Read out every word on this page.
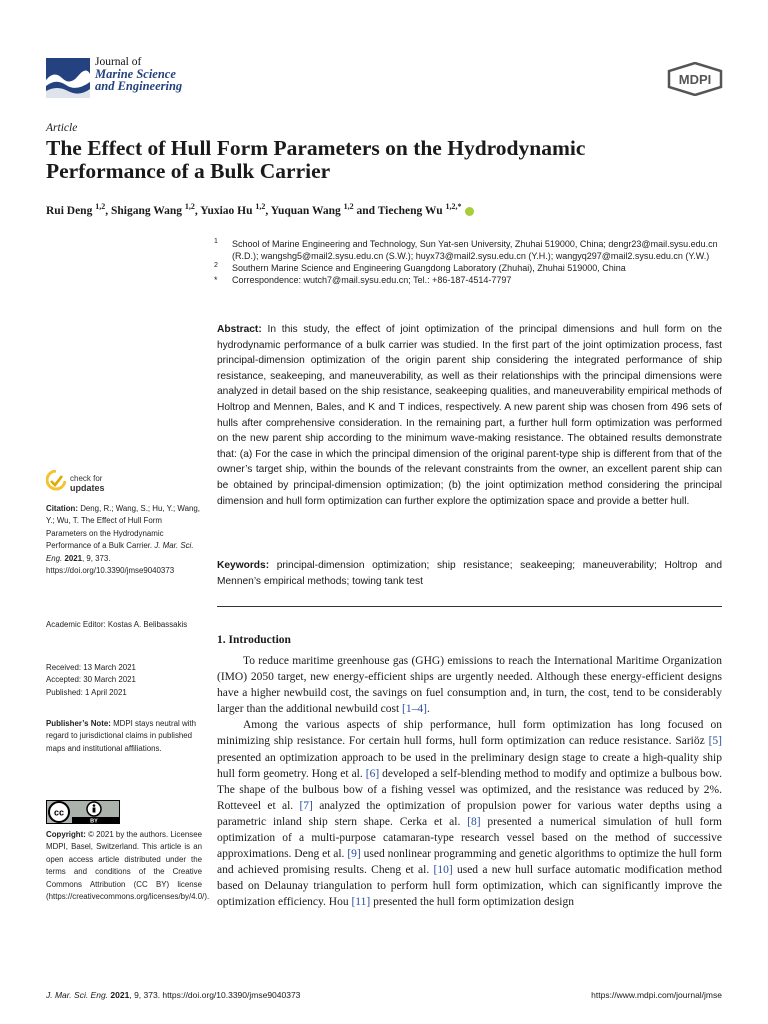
Journal of
Marine Science
and Engineering	MDPI
Article
The Effect of Hull Form Parameters on the Hydrodynamic
Performance of a Bulk Carrier
Rui Deng $^{1,2}$, Shigang Wang $^{1,2}$, Yuxiao Hu $^{1,2}$, Yuquan Wang $^{1,2}$ and Tiecheng Wu $^{1,2,*}$
1 School of Marine Engineering and Technology, Sun Yat-sen University, Zhuhai 519000, China; dengr23@mail.sysu.edu.cn (R.D.); wangshg5@mail2.sysu.edu.cn (S.W.); huyx73@mail2.sysu.edu.cn (Y.H.); wangyq297@mail2.sysu.edu.cn (Y.W.)
2 Southern Marine Science and Engineering Guangdong Laboratory (Zhuhai), Zhuhai 519000, China
* Correspondence: wutch7@mail.sysu.edu.cn; Tel.: +86-187-4514-7797
Abstract: In this study, the effect of joint optimization of the principal dimensions and hull form on the hydrodynamic performance of a bulk carrier was studied. In the first part of the joint optimization process, fast principal-dimension optimization of the origin parent ship considering the integrated performance of ship resistance, seakeeping, and maneuverability, as well as their relationships with the principal dimensions were analyzed in detail based on the ship resistance, seakeeping qualities, and maneuverability empirical methods of Holtrop and Mennen, Bales, and K and T indices, respectively. A new parent ship was chosen from 496 sets of hulls after comprehensive consideration. In the remaining part, a further hull form optimization was performed on the new parent ship according to the minimum wave-making resistance. The obtained results demonstrate that: (a) For the case in which the principal dimension of the original parent-type ship is different from that of the owner’s target ship, within the bounds of the relevant constraints from the owner, an excellent parent ship can be obtained by principal-dimension optimization; (b) the joint optimization method considering the principal dimension and hull form optimization can further explore the optimization space and provide a better hull.
Keywords: principal-dimension optimization; ship resistance; seakeeping; maneuverability; Holtrop and Mennen’s empirical methods; towing tank test
check for
updates
Citation: Deng, R.; Wang, S.; Hu, Y.; Wang, Y.; Wu, T. The Effect of Hull Form Parameters on the Hydrodynamic Performance of a Bulk Carrier. J. Mar. Sci. Eng. 2021, 9, 373. https://doi.org/10.3390/jmse9040373
Academic Editor: Kostas A. Belibassakis
Received: 13 March 2021
Accepted: 30 March 2021
Published: 1 April 2021
Publisher’s Note: MDPI stays neutral with regard to jurisdictional claims in published maps and institutional affiliations.
cc
BY
Copyright: © 2021 by the authors. Licensee MDPI, Basel, Switzerland. This article is an open access article distributed under the terms and conditions of the Creative Commons Attribution (CC BY) license (https://creativecommons.org/licenses/by/4.0/).
1. Introduction

To reduce maritime greenhouse gas (GHG) emissions to reach the International Maritime Organization (IMO) 2050 target, new energy-efficient ships are urgently needed. Although these energy-efficient designs have a higher newbuild cost, the savings on fuel consumption and, in turn, the cost, tend to be considerably larger than the additional newbuild cost [1–4].

Among the various aspects of ship performance, hull form optimization has long focused on minimizing ship resistance. For certain hull forms, hull form optimization can reduce resistance. Sariöz [5] presented an optimization approach to be used in the preliminary design stage to create a high-quality ship hull form geometry. Hong et al. [6] developed a self-blending method to modify and optimize a bulbous bow. The shape of the bulbous bow of a fishing vessel was optimized, and the resistance was reduced by 2%. Rotteveel et al. [7] analyzed the optimization of propulsion power for various water depths using a parametric inland ship stern shape. Cerka et al. [8] presented a numerical simulation of hull form optimization of a multi-purpose catamaran-type research vessel based on the method of successive approximations. Deng et al. [9] used nonlinear programming and genetic algorithms to optimize the hull form and achieved promising results. Cheng et al. [10] used a new hull surface automatic modification method based on Delaunay triangulation to perform hull form optimization, which can significantly improve the optimization efficiency. Hou [11] presented the hull form optimization design

J. Mar. Sci. Eng. 2021, 9, 373. https://doi.org/10.3390/jmse9040373	https://www.mdpi.com/journal/jmse
